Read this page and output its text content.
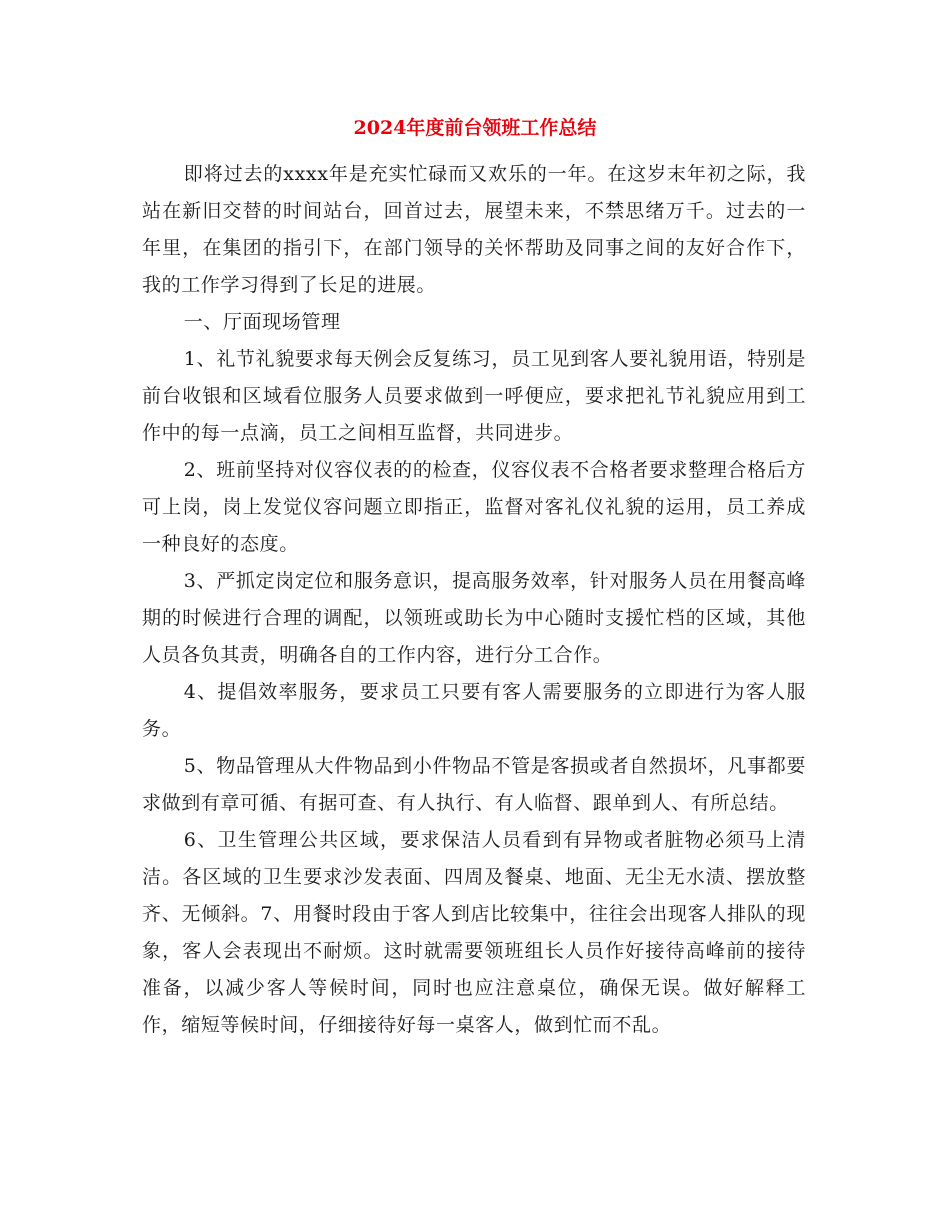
2024年度前台领班工作总结

即将过去的xxxx年是充实忙碌而又欢乐的一年。在这岁末年初之际，我站在新旧交替的时间站台，回首过去，展望未来，不禁思绪万千。过去的一年里，在集团的指引下，在部门领导的关怀帮助及同事之间的友好合作下，我的工作学习得到了长足的进展。

一、厅面现场管理

1、礼节礼貌要求每天例会反复练习，员工见到客人要礼貌用语，特别是前台收银和区域看位服务人员要求做到一呼便应，要求把礼节礼貌应用到工作中的每一点滴，员工之间相互监督，共同进步。

2、班前坚持对仪容仪表的的检查，仪容仪表不合格者要求整理合格后方可上岗，岗上发觉仪容问题立即指正，监督对客礼仪礼貌的运用，员工养成一种良好的态度。

3、严抓定岗定位和服务意识，提高服务效率，针对服务人员在用餐高峰期的时候进行合理的调配，以领班或助长为中心随时支援忙档的区域，其他人员各负其责，明确各自的工作内容，进行分工合作。

4、提倡效率服务，要求员工只要有客人需要服务的立即进行为客人服务。

5、物品管理从大件物品到小件物品不管是客损或者自然损坏，凡事都要求做到有章可循、有据可查、有人执行、有人临督、跟单到人、有所总结。

6、卫生管理公共区域，要求保洁人员看到有异物或者脏物必须马上清洁。各区域的卫生要求沙发表面、四周及餐桌、地面、无尘无水渍、摆放整齐、无倾斜。7、用餐时段由于客人到店比较集中，往往会出现客人排队的现象，客人会表现出不耐烦。这时就需要领班组长人员作好接待高峰前的接待准备，以减少客人等候时间，同时也应注意桌位，确保无误。做好解释工作，缩短等候时间，仔细接待好每一桌客人，做到忙而不乱。
